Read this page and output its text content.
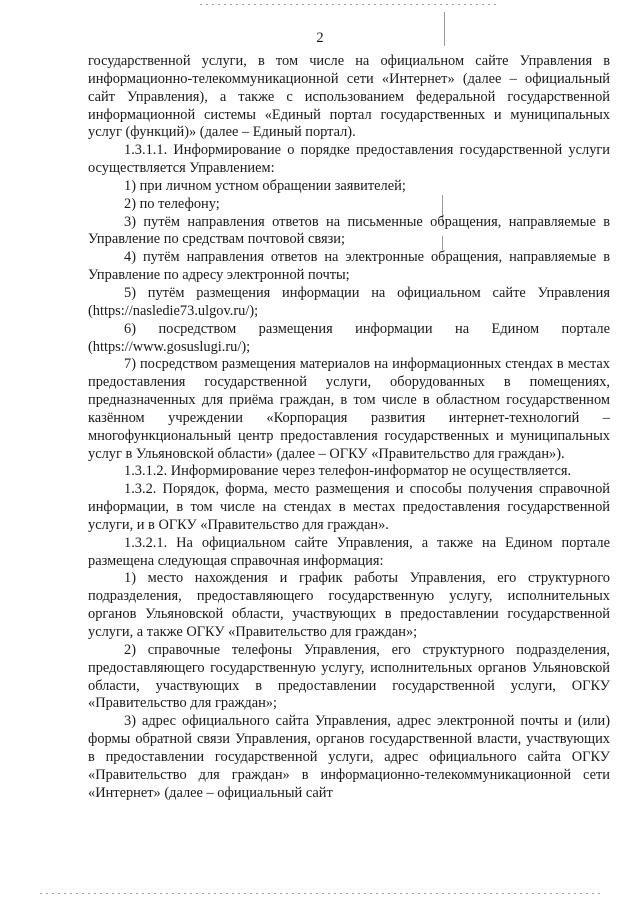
2

государственной услуги, в том числе на официальном сайте Управления в информационно-телекоммуникационной сети «Интернет» (далее – официальный сайт Управления), а также с использованием федеральной государственной информационной системы «Единый портал государственных и муниципальных услуг (функций)» (далее – Единый портал).

1.3.1.1. Информирование о порядке предоставления государственной услуги осуществляется Управлением:

1) при личном устном обращении заявителей;

2) по телефону;

3) путём направления ответов на письменные обращения, направляемые в Управление по средствам почтовой связи;

4) путём направления ответов на электронные обращения, направляемые в Управление по адресу электронной почты;

5) путём размещения информации на официальном сайте Управления (https://nasledie73.ulgov.ru/);

6) посредством размещения информации на Едином портале (https://www.gosuslugi.ru/);

7) посредством размещения материалов на информационных стендах в местах предоставления государственной услуги, оборудованных в помещениях, предназначенных для приёма граждан, в том числе в областном государственном казённом учреждении «Корпорация развития интернет-технологий – многофункциональный центр предоставления государственных и муниципальных услуг в Ульяновской области» (далее – ОГКУ «Правительство для граждан»).

1.3.1.2. Информирование через телефон-информатор не осуществляется.

1.3.2. Порядок, форма, место размещения и способы получения справочной информации, в том числе на стендах в местах предоставления государственной услуги, и в ОГКУ «Правительство для граждан».

1.3.2.1. На официальном сайте Управления, а также на Едином портале размещена следующая справочная информация:

1) место нахождения и график работы Управления, его структурного подразделения, предоставляющего государственную услугу, исполнительных органов Ульяновской области, участвующих в предоставлении государственной услуги, а также ОГКУ «Правительство для граждан»;

2) справочные телефоны Управления, его структурного подразделения, предоставляющего государственную услугу, исполнительных органов Ульяновской области, участвующих в предоставлении государственной услуги, ОГКУ «Правительство для граждан»;

3) адрес официального сайта Управления, адрес электронной почты и (или) формы обратной связи Управления, органов государственной власти, участвующих в предоставлении государственной услуги, адрес официального сайта ОГКУ «Правительство для граждан» в информационно-телекоммуникационной сети «Интернет» (далее – официальный сайт
